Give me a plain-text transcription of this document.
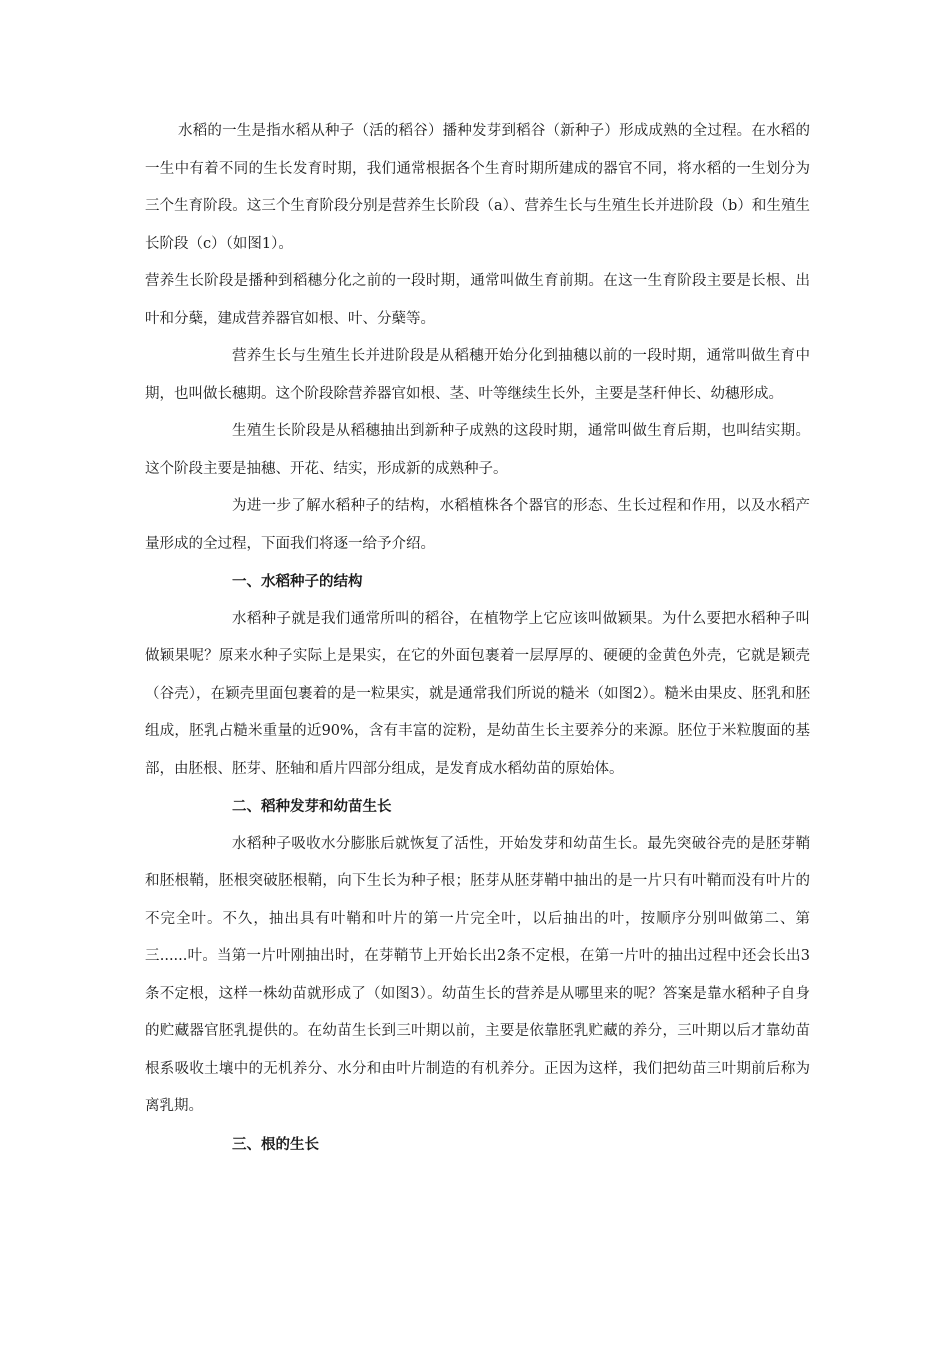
水稻的一生是指水稻从种子（活的稻谷）播种发芽到稻谷（新种子）形成成熟的全过程。在水稻的一生中有着不同的生长发育时期，我们通常根据各个生育时期所建成的器官不同，将水稻的一生划分为三个生育阶段。这三个生育阶段分别是营养生长阶段（a）、营养生长与生殖生长并进阶段（b）和生殖生长阶段（c）（如图1）。

营养生长阶段是播种到稻穗分化之前的一段时期，通常叫做生育前期。在这一生育阶段主要是长根、出叶和分蘖，建成营养器官如根、叶、分蘖等。

营养生长与生殖生长并进阶段是从稻穗开始分化到抽穗以前的一段时期，通常叫做生育中期，也叫做长穗期。这个阶段除营养器官如根、茎、叶等继续生长外，主要是茎秆伸长、幼穗形成。

生殖生长阶段是从稻穗抽出到新种子成熟的这段时期，通常叫做生育后期，也叫结实期。这个阶段主要是抽穗、开花、结实，形成新的成熟种子。

为进一步了解水稻种子的结构，水稻植株各个器官的形态、生长过程和作用，以及水稻产量形成的全过程，下面我们将逐一给予介绍。

一、水稻种子的结构

水稻种子就是我们通常所叫的稻谷，在植物学上它应该叫做颖果。为什么要把水稻种子叫做颖果呢？原来水种子实际上是果实，在它的外面包裹着一层厚厚的、硬硬的金黄色外壳，它就是颖壳（谷壳），在颖壳里面包裹着的是一粒果实，就是通常我们所说的糙米（如图2）。糙米由果皮、胚乳和胚组成，胚乳占糙米重量的近90%，含有丰富的淀粉，是幼苗生长主要养分的来源。胚位于米粒腹面的基部，由胚根、胚芽、胚轴和盾片四部分组成，是发育成水稻幼苗的原始体。

二、稻种发芽和幼苗生长

水稻种子吸收水分膨胀后就恢复了活性，开始发芽和幼苗生长。最先突破谷壳的是胚芽鞘和胚根鞘，胚根突破胚根鞘，向下生长为种子根；胚芽从胚芽鞘中抽出的是一片只有叶鞘而没有叶片的不完全叶。不久，抽出具有叶鞘和叶片的第一片完全叶，以后抽出的叶，按顺序分别叫做第二、第三......叶。当第一片叶刚抽出时，在芽鞘节上开始长出2条不定根，在第一片叶的抽出过程中还会长出3条不定根，这样一株幼苗就形成了（如图3）。幼苗生长的营养是从哪里来的呢？答案是靠水稻种子自身的贮藏器官胚乳提供的。在幼苗生长到三叶期以前，主要是依靠胚乳贮藏的养分，三叶期以后才靠幼苗根系吸收土壤中的无机养分、水分和由叶片制造的有机养分。正因为这样，我们把幼苗三叶期前后称为离乳期。

三、根的生长
